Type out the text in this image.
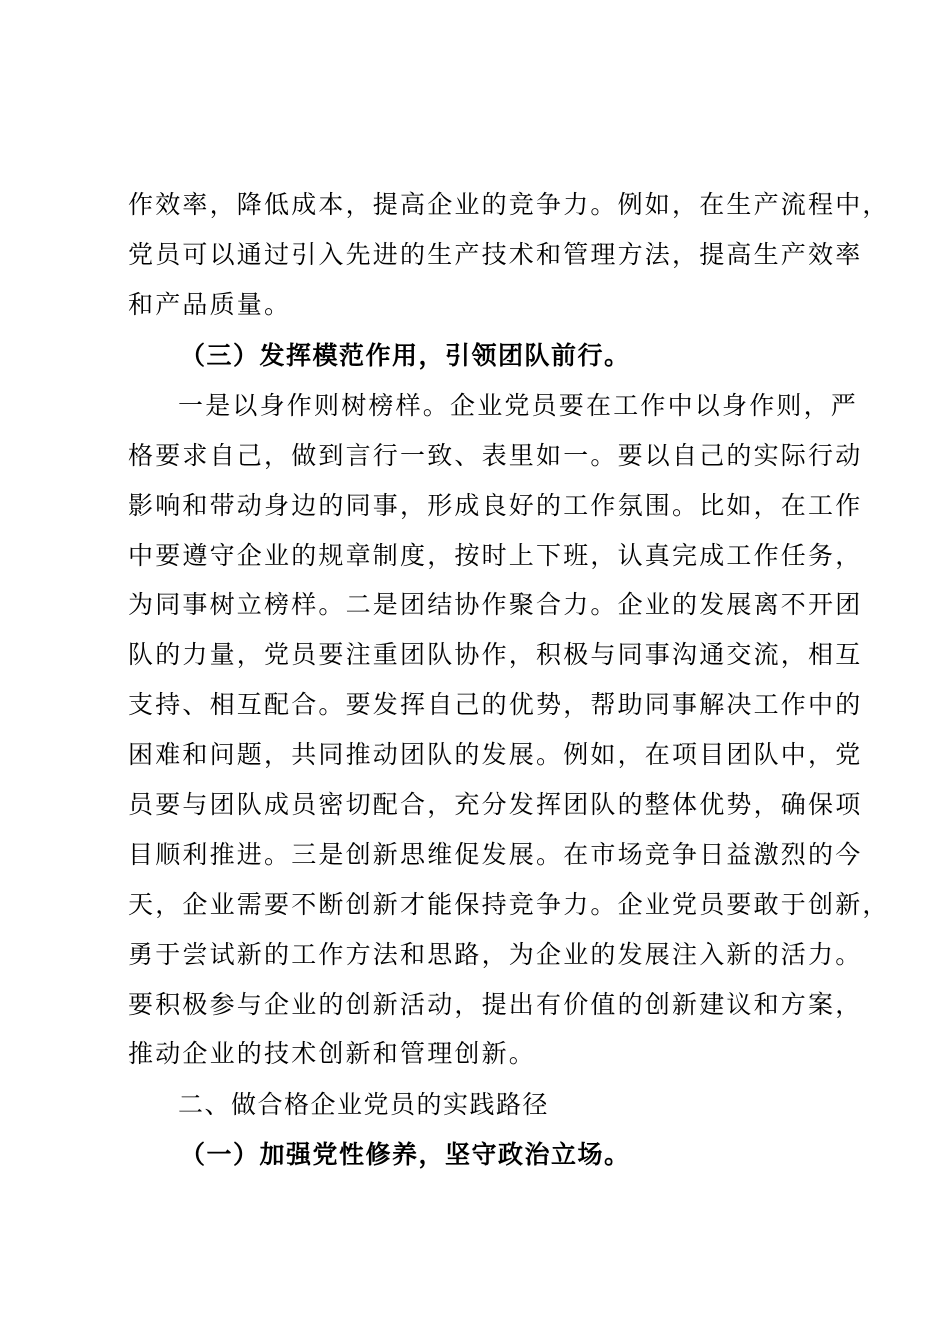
作效率，降低成本，提高企业的竞争力。例如，在生产流程中，
党员可以通过引入先进的生产技术和管理方法，提高生产效率
和产品质量。
（三）发挥模范作用，引领团队前行。
一是以身作则树榜样。企业党员要在工作中以身作则，严
格要求自己，做到言行一致、表里如一。要以自己的实际行动
影响和带动身边的同事，形成良好的工作氛围。比如，在工作
中要遵守企业的规章制度，按时上下班，认真完成工作任务，
为同事树立榜样。二是团结协作聚合力。企业的发展离不开团
队的力量，党员要注重团队协作，积极与同事沟通交流，相互
支持、相互配合。要发挥自己的优势，帮助同事解决工作中的
困难和问题，共同推动团队的发展。例如，在项目团队中，党
员要与团队成员密切配合，充分发挥团队的整体优势，确保项
目顺利推进。三是创新思维促发展。在市场竞争日益激烈的今
天，企业需要不断创新才能保持竞争力。企业党员要敢于创新，
勇于尝试新的工作方法和思路，为企业的发展注入新的活力。
要积极参与企业的创新活动，提出有价值的创新建议和方案，
推动企业的技术创新和管理创新。
二、做合格企业党员的实践路径
（一）加强党性修养，坚守政治立场。
